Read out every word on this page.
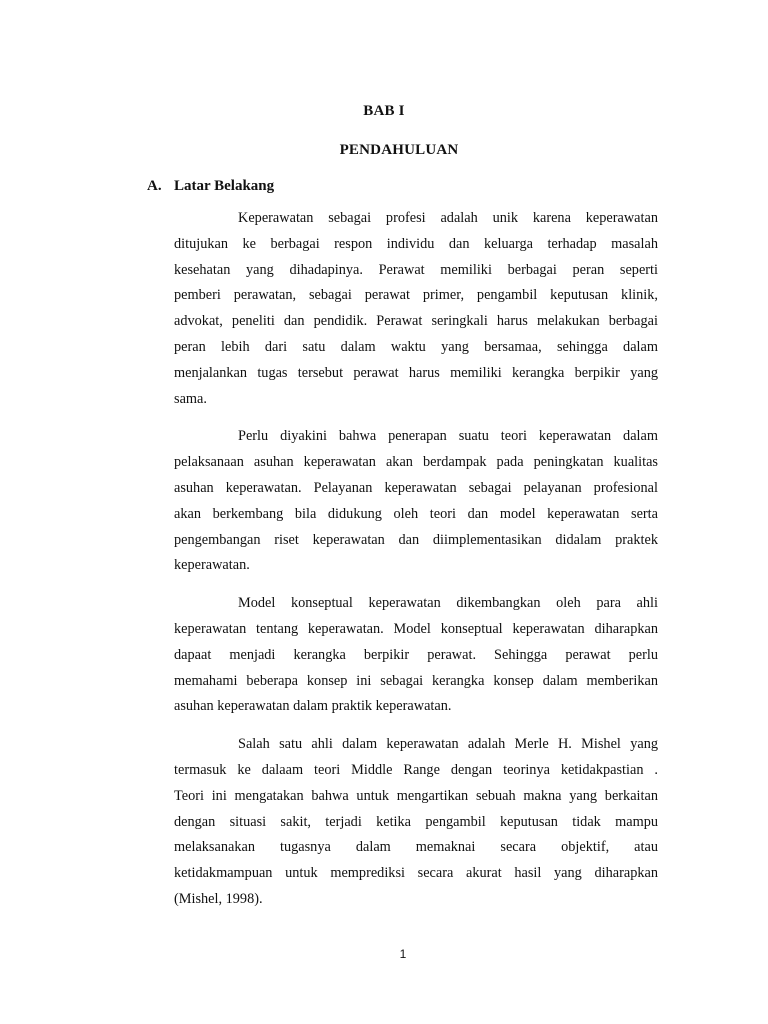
BAB I
PENDAHULUAN
A. Latar Belakang
Keperawatan sebagai profesi adalah unik karena keperawatan
ditujukan ke berbagai respon individu dan keluarga terhadap masalah
kesehatan yang dihadapinya. Perawat memiliki berbagai peran seperti
pemberi perawatan, sebagai perawat primer, pengambil keputusan klinik,
advokat, peneliti dan pendidik. Perawat seringkali harus melakukan berbagai
peran lebih dari satu dalam waktu yang bersamaa, sehingga dalam
menjalankan tugas tersebut perawat harus memiliki kerangka berpikir yang
sama.
Perlu diyakini bahwa penerapan suatu teori keperawatan dalam
pelaksanaan asuhan keperawatan akan berdampak pada peningkatan kualitas
asuhan keperawatan. Pelayanan keperawatan sebagai pelayanan profesional
akan berkembang bila didukung oleh teori dan model keperawatan serta
pengembangan riset keperawatan dan diimplementasikan didalam praktek
keperawatan.
Model konseptual keperawatan dikembangkan oleh para ahli
keperawatan tentang keperawatan. Model konseptual keperawatan diharapkan
dapaat menjadi kerangka berpikir perawat. Sehingga perawat perlu
memahami beberapa konsep ini sebagai kerangka konsep dalam memberikan
asuhan keperawatan dalam praktik keperawatan.
Salah satu ahli dalam keperawatan adalah Merle H. Mishel yang
termasuk ke dalaam teori Middle Range dengan teorinya ketidakpastian .
Teori ini mengatakan bahwa untuk mengartikan sebuah makna yang berkaitan
dengan situasi sakit, terjadi ketika pengambil keputusan tidak mampu
melaksanakan tugasnya dalam memaknai secara objektif, atau
ketidakmampuan untuk memprediksi secara akurat hasil yang diharapkan
(Mishel, 1998).
1
